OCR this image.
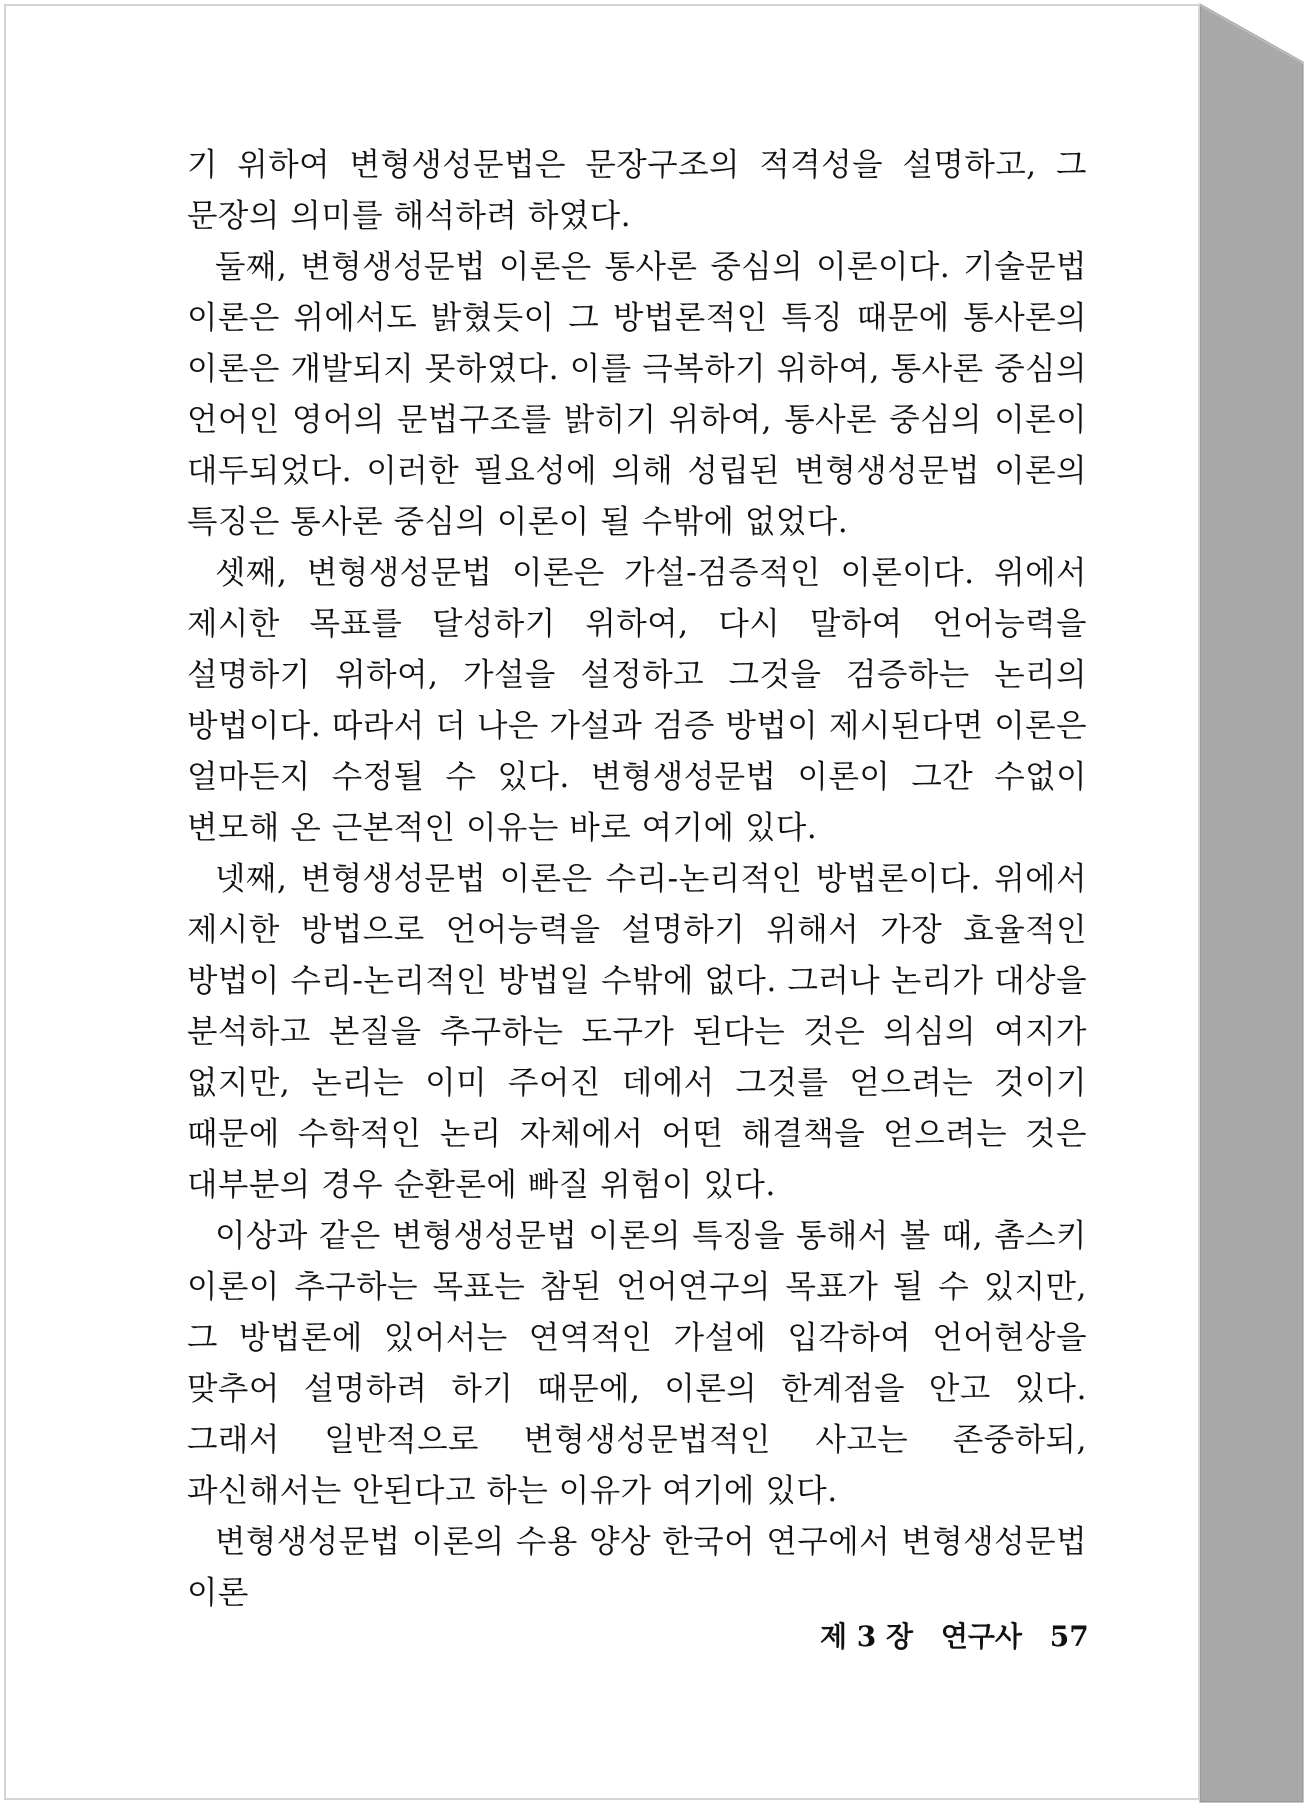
기 위하여 변형생성문법은 문장구조의 적격성을 설명하고, 그 문장의 의미를 해석하려 하였다.

둘째, 변형생성문법 이론은 통사론 중심의 이론이다. 기술문법 이론은 위에서도 밝혔듯이 그 방법론적인 특징 때문에 통사론의 이론은 개발되지 못하였다. 이를 극복하기 위하여, 통사론 중심의 언어인 영어의 문법구조를 밝히기 위하여, 통사론 중심의 이론이 대두되었다. 이러한 필요성에 의해 성립된 변형생성문법 이론의 특징은 통사론 중심의 이론이 될 수밖에 없었다.

셋째, 변형생성문법 이론은 가설-검증적인 이론이다. 위에서 제시한 목표를 달성하기 위하여, 다시 말하여 언어능력을 설명하기 위하여, 가설을 설정하고 그것을 검증하는 논리의 방법이다. 따라서 더 나은 가설과 검증 방법이 제시된다면 이론은 얼마든지 수정될 수 있다. 변형생성문법 이론이 그간 수없이 변모해 온 근본적인 이유는 바로 여기에 있다.

넷째, 변형생성문법 이론은 수리-논리적인 방법론이다. 위에서 제시한 방법으로 언어능력을 설명하기 위해서 가장 효율적인 방법이 수리-논리적인 방법일 수밖에 없다. 그러나 논리가 대상을 분석하고 본질을 추구하는 도구가 된다는 것은 의심의 여지가 없지만, 논리는 이미 주어진 데에서 그것를 얻으려는 것이기 때문에 수학적인 논리 자체에서 어떤 해결책을 얻으려는 것은 대부분의 경우 순환론에 빠질 위험이 있다.

이상과 같은 변형생성문법 이론의 특징을 통해서 볼 때, 촘스키 이론이 추구하는 목표는 참된 언어연구의 목표가 될 수 있지만, 그 방법론에 있어서는 연역적인 가설에 입각하여 언어현상을 맞추어 설명하려 하기 때문에, 이론의 한계점을 안고 있다. 그래서 일반적으로 변형생성문법적인 사고는 존중하되, 과신해서는 안된다고 하는 이유가 여기에 있다.

변형생성문법 이론의 수용 양상 한국어 연구에서 변형생성문법 이론

제 3 장 연구사 57
